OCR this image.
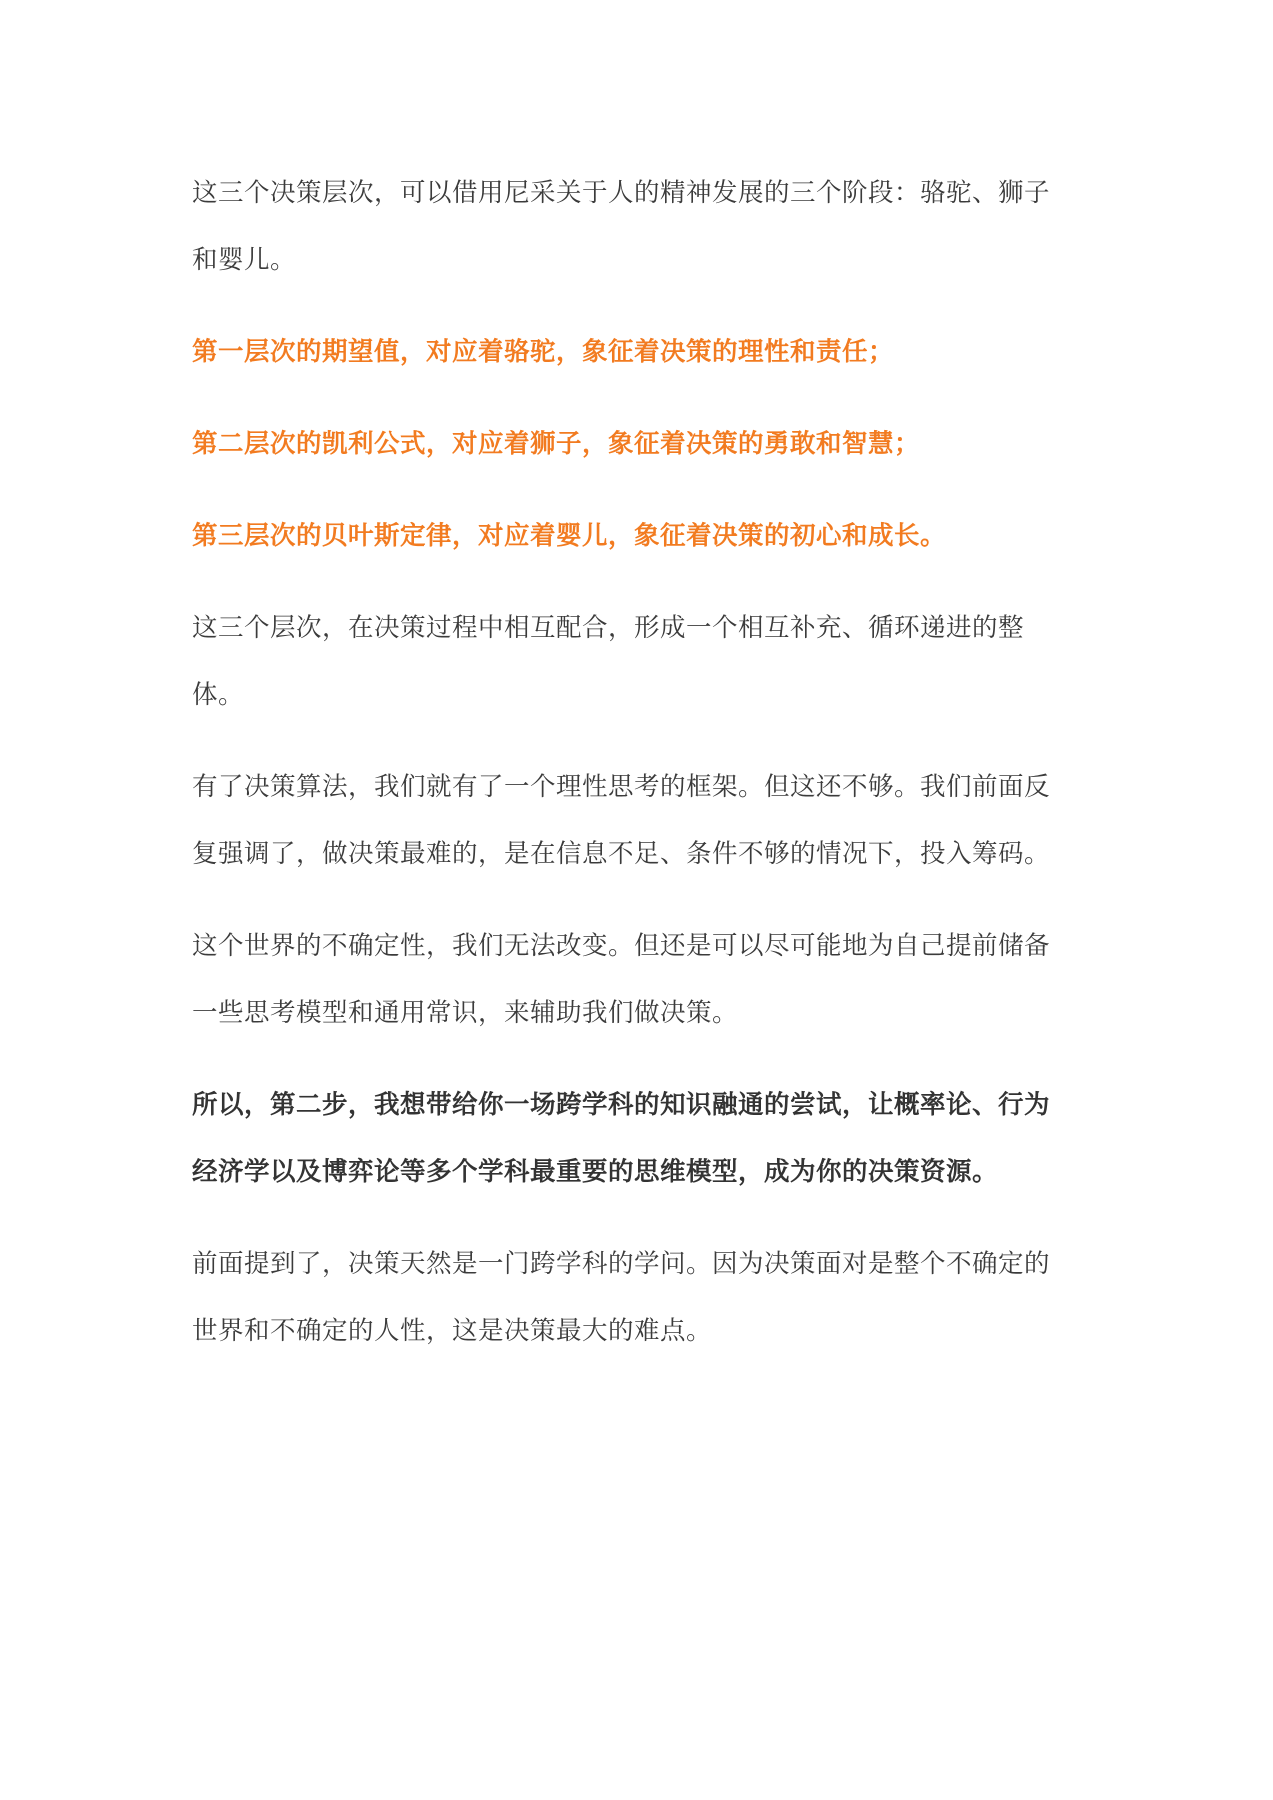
这三个决策层次，可以借用尼采关于人的精神发展的三个阶段：骆驼、狮子和婴儿。

第一层次的期望值，对应着骆驼，象征着决策的理性和责任；

第二层次的凯利公式，对应着狮子，象征着决策的勇敢和智慧；

第三层次的贝叶斯定律，对应着婴儿，象征着决策的初心和成长。

这三个层次，在决策过程中相互配合，形成一个相互补充、循环递进的整体。

有了决策算法，我们就有了一个理性思考的框架。但这还不够。我们前面反复强调了，做决策最难的，是在信息不足、条件不够的情况下，投入筹码。

这个世界的不确定性，我们无法改变。但还是可以尽可能地为自己提前储备一些思考模型和通用常识，来辅助我们做决策。

所以，第二步，我想带给你一场跨学科的知识融通的尝试，让概率论、行为经济学以及博弈论等多个学科最重要的思维模型，成为你的决策资源。

前面提到了，决策天然是一门跨学科的学问。因为决策面对是整个不确定的世界和不确定的人性，这是决策最大的难点。
